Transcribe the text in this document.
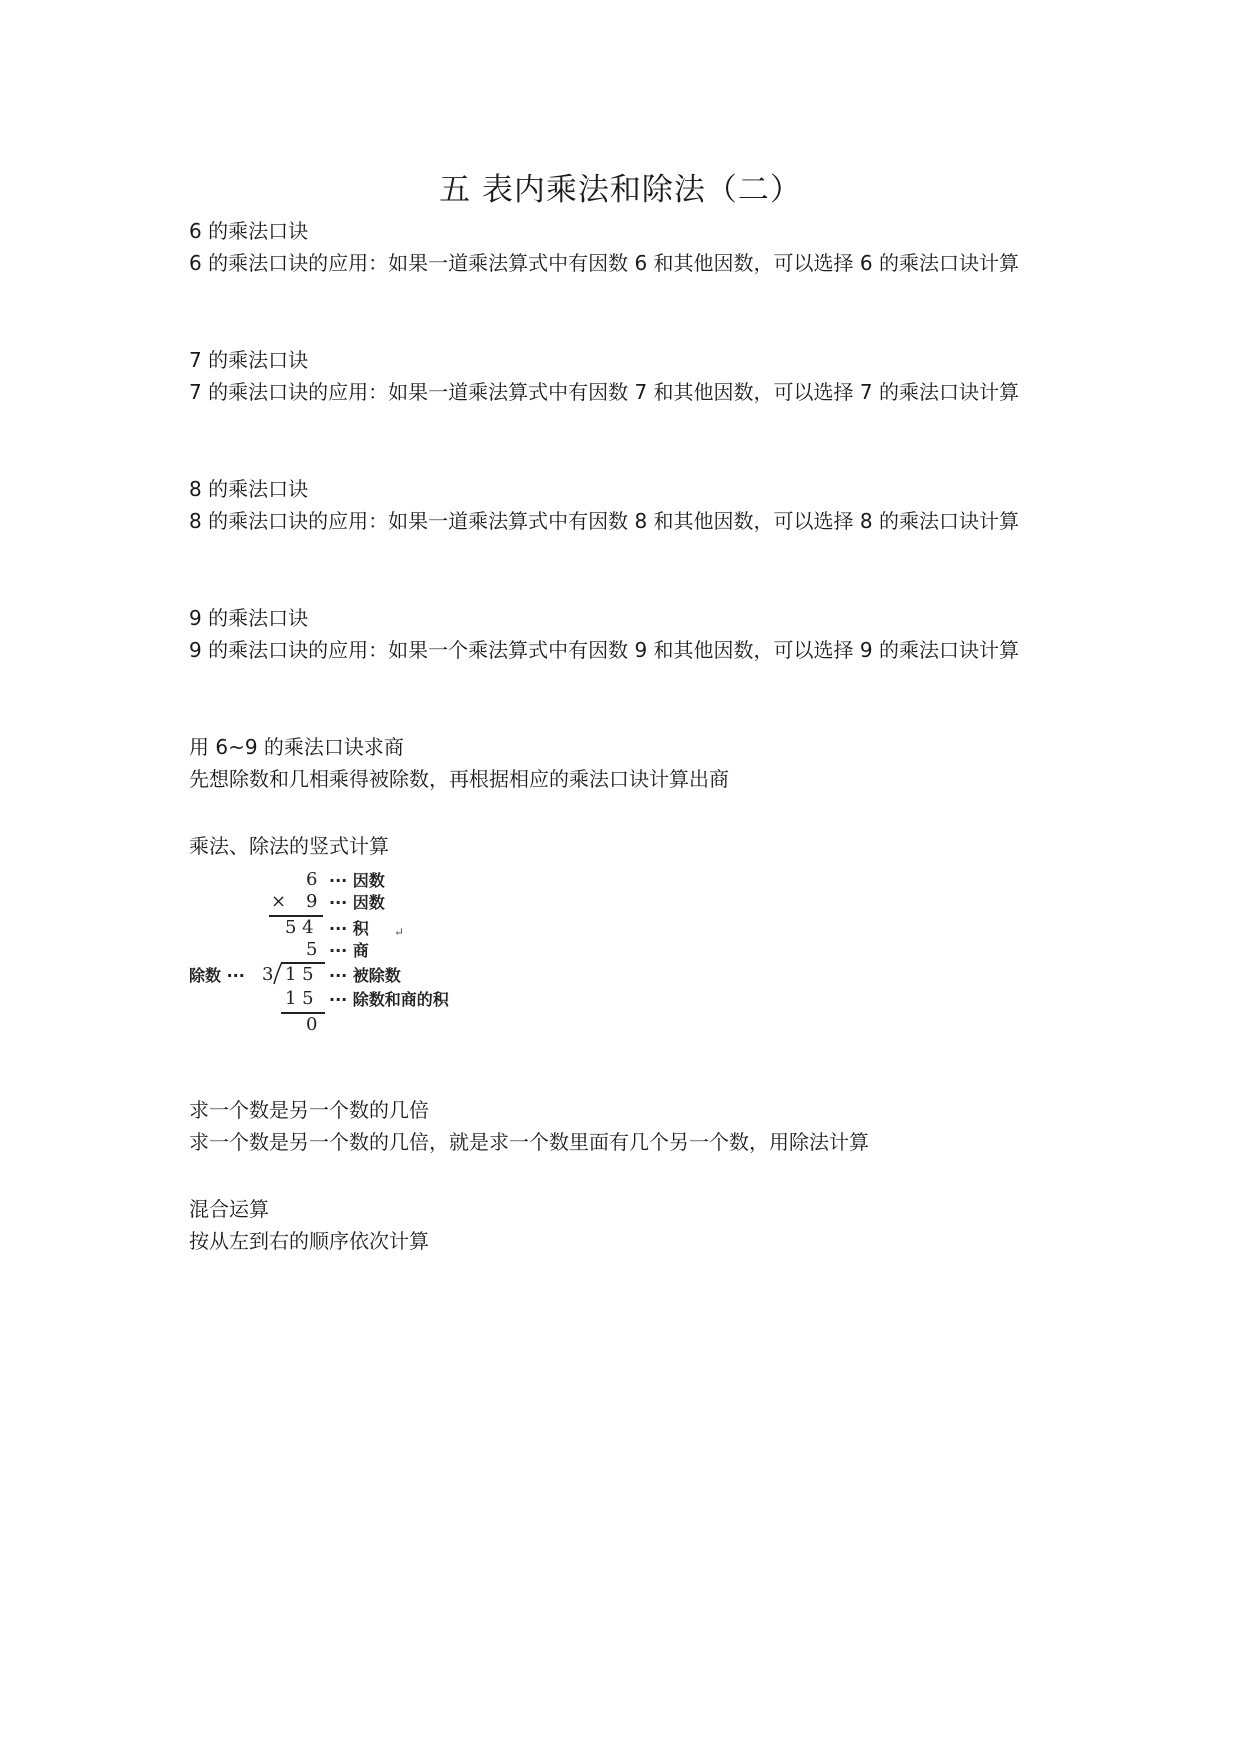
五 表内乘法和除法（二）
6 的乘法口诀
6 的乘法口诀的应用：如果一道乘法算式中有因数 6 和其他因数，可以选择 6 的乘法口诀计算
7 的乘法口诀
7 的乘法口诀的应用：如果一道乘法算式中有因数 7 和其他因数，可以选择 7 的乘法口诀计算
8 的乘法口诀
8 的乘法口诀的应用：如果一道乘法算式中有因数 8 和其他因数，可以选择 8 的乘法口诀计算
9 的乘法口诀
9 的乘法口诀的应用：如果一个乘法算式中有因数 9 和其他因数，可以选择 9 的乘法口诀计算
用 6~9 的乘法口诀求商
先想除数和几相乘得被除数，再根据相应的乘法口诀计算出商
乘法、除法的竖式计算
6 ··· 因数
× 9 ··· 因数
5 4 ··· 积 ↵
5 ··· 商
除数 ··· 3 1 5 ··· 被除数
1 5 ··· 除数和商的积
0
求一个数是另一个数的几倍
求一个数是另一个数的几倍，就是求一个数里面有几个另一个数，用除法计算
混合运算
按从左到右的顺序依次计算
